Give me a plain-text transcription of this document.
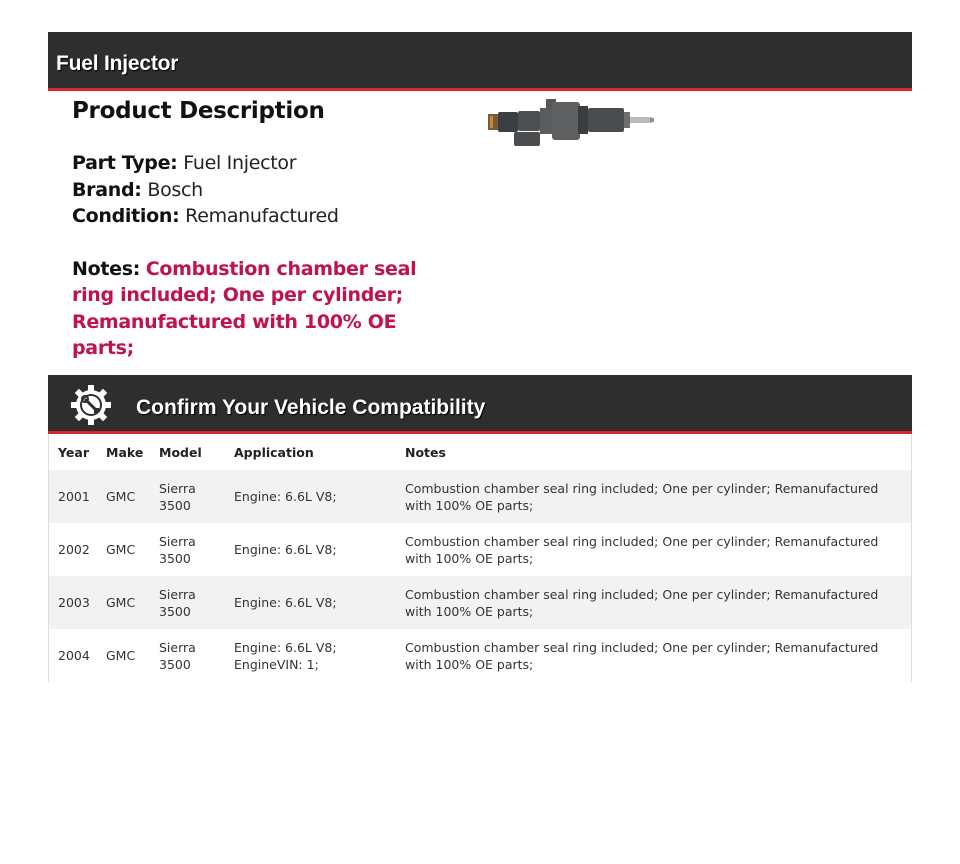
Fuel Injector
Product Description
Part Type: Fuel Injector
Brand: Bosch
Condition: Remanufactured
Notes: Combustion chamber seal ring included; One per cylinder; Remanufactured with 100% OE parts;
Confirm Your Vehicle Compatibility
Year	Make	Model	Application	Notes
2001	GMC	Sierra 3500	Engine: 6.6L V8;	Combustion chamber seal ring included; One per cylinder; Remanufactured with 100% OE parts;
2002	GMC	Sierra 3500	Engine: 6.6L V8;	Combustion chamber seal ring included; One per cylinder; Remanufactured with 100% OE parts;
2003	GMC	Sierra 3500	Engine: 6.6L V8;	Combustion chamber seal ring included; One per cylinder; Remanufactured with 100% OE parts;
2004	GMC	Sierra 3500	Engine: 6.6L V8; EngineVIN: 1;	Combustion chamber seal ring included; One per cylinder; Remanufactured with 100% OE parts;
